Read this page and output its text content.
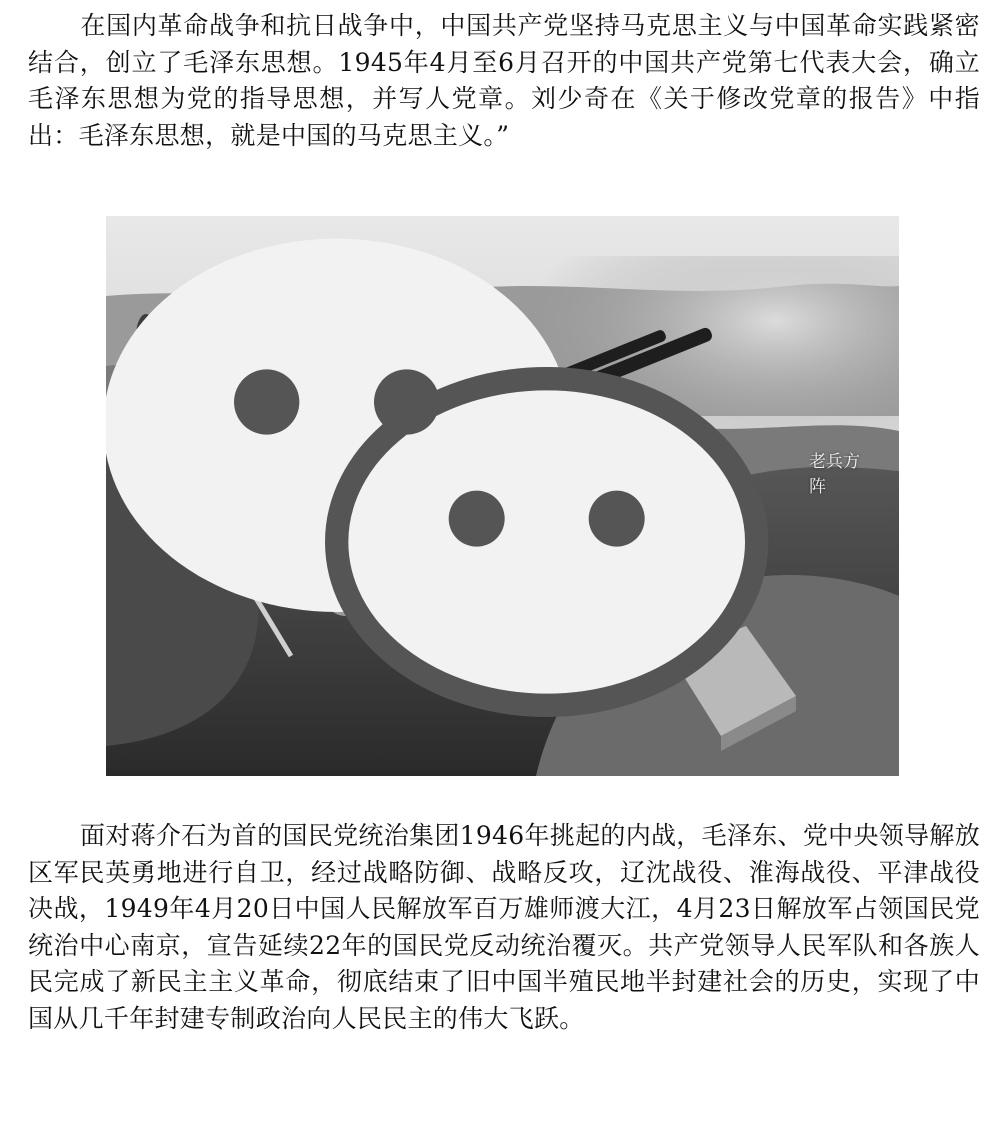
在国内革命战争和抗日战争中，中国共产党坚持马克思主义与中国革命实践紧密结合，创立了毛泽东思想。1945年4月至6月召开的中国共产党第七代表大会，确立毛泽东思想为党的指导思想，并写人党章。刘少奇在《关于修改党章的报告》中指出：毛泽东思想，就是中国的马克思主义。”

老兵方阵

面对蒋介石为首的国民党统治集团1946年挑起的内战，毛泽东、党中央领导解放区军民英勇地进行自卫，经过战略防御、战略反攻，辽沈战役、淮海战役、平津战役决战，1949年4月20日中国人民解放军百万雄师渡大江，4月23日解放军占领国民党统治中心南京，宣告延续22年的国民党反动统治覆灭。共产党领导人民军队和各族人民完成了新民主主义革命，彻底结束了旧中国半殖民地半封建社会的历史，实现了中国从几千年封建专制政治向人民民主的伟大飞跃。
